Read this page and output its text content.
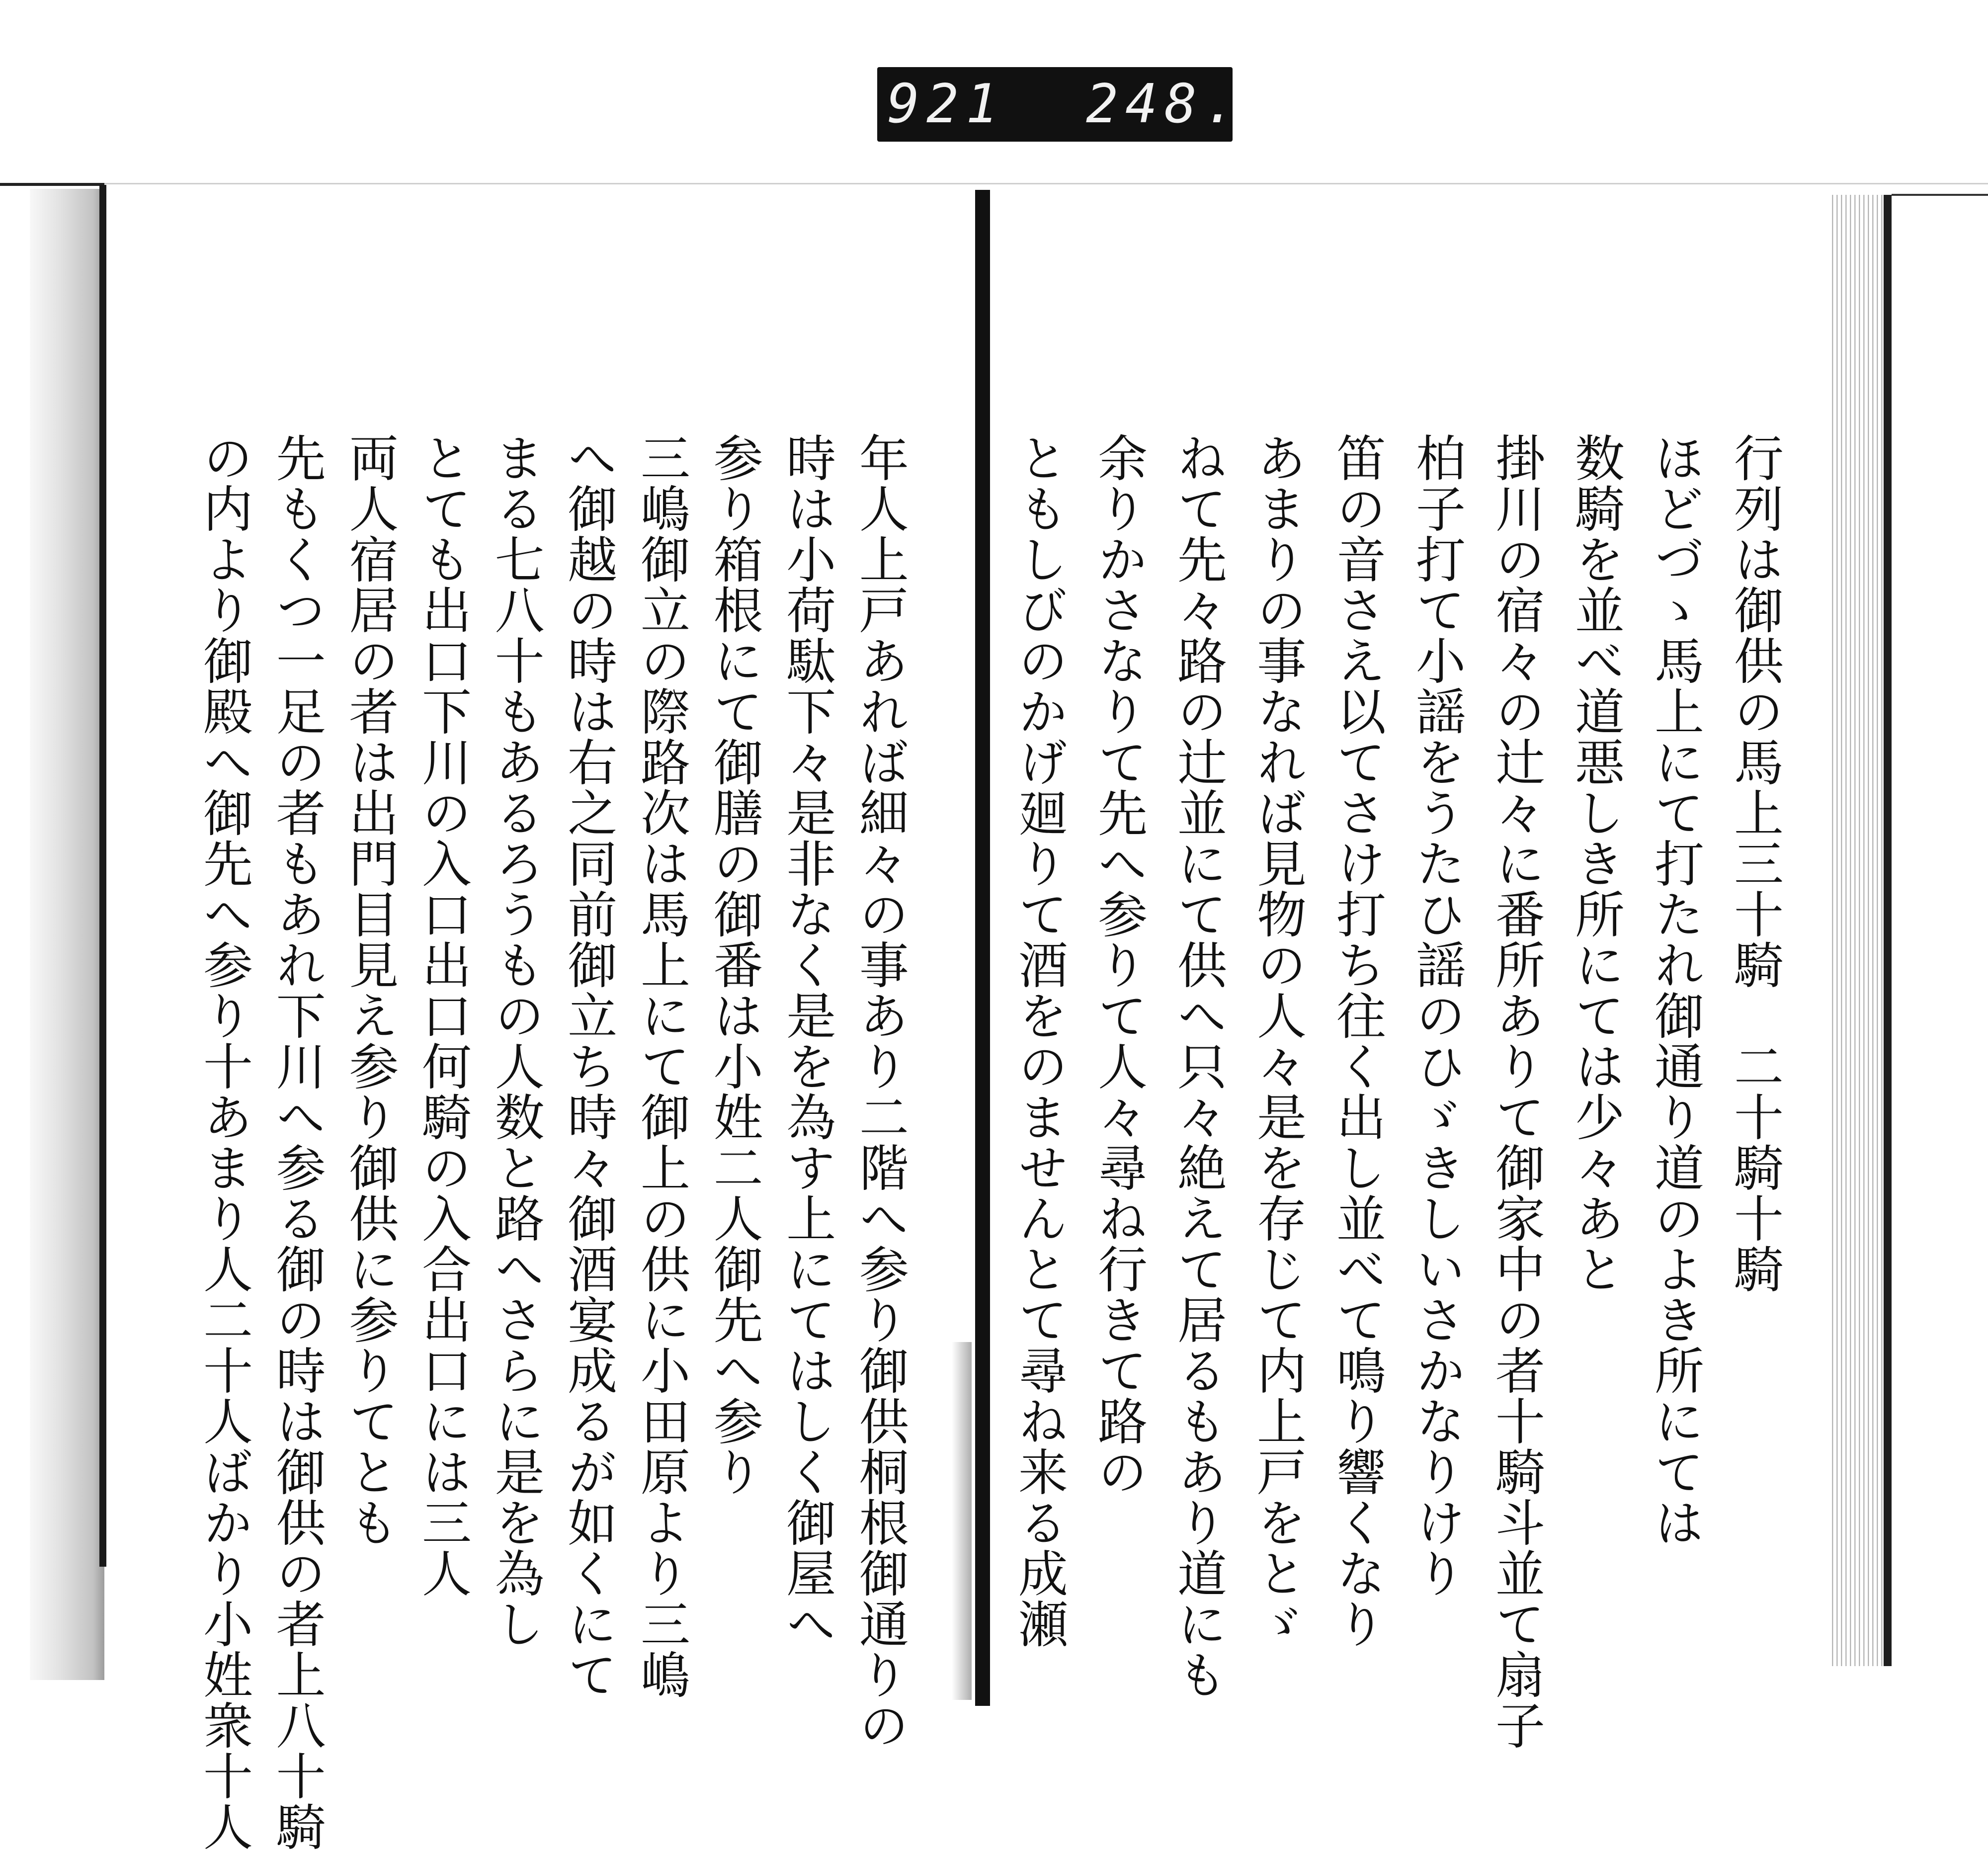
921 248.
行列は御供の馬上三十騎　二十騎十騎
ほどづゝ馬上にて打たれ御通り道のよき所にては
数騎を並べ道悪しき所にては少々あと
掛川の宿々の辻々に番所ありて御家中の者十騎斗並て扇子
柏子打て小謡をうたひ謡のひゞきしいさかなりけり
笛の音さえ以てさけ打ち往く出し並べて鳴り響くなり
あまりの事なれば見物の人々是を存じて内上戸をとゞ
ねて先々路の辻並にて供へ只々絶えて居るもあり道にも
余りかさなりて先へ参りて人々尋ね行きて路の
ともしびのかげ廻りて酒をのませんとて尋ね来る成瀬
年人上戸あれば細々の事あり二階へ参り御供桐根御通りの
時は小荷駄下々是非なく是を為す上にてはしく御屋へ
参り箱根にて御膳の御番は小姓二人御先へ参り
三嶋御立の際路次は馬上にて御上の供に小田原より三嶋
へ御越の時は右之同前御立ち時々御酒宴成るが如くにて
まる七八十もあるろうもの人数と路へさらに是を為し
とても出口下川の入口出口何騎の入合出口には三人
両人宿居の者は出門目見え参り御供に参りてとも
先もくつ一足の者もあれ下川へ参る御の時は御供の者上八十騎
の内より御殿へ御先へ参り十あまり人二十人ばかり小姓衆十人
